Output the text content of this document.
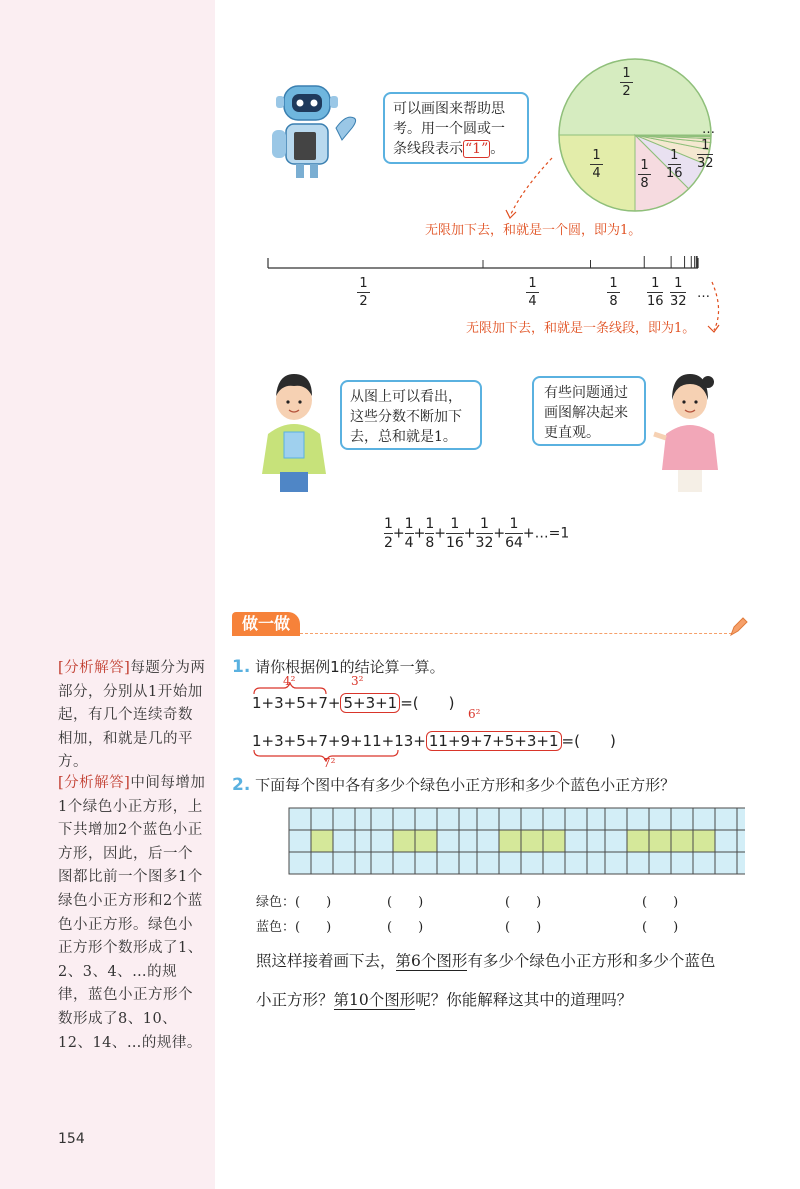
[分析解答]每题分为两部分，分别从1开始加起，有几个连续奇数相加，和就是几的平方。
[分析解答]中间每增加1个绿色小正方形，上下共增加2个蓝色小正方形，因此，后一个图都比前一个图多1个绿色小正方形和2个蓝色小正方形。绿色小正方形个数形成了1、2、3、4、…的规律，蓝色小正方形个数形成了8、10、12、14、…的规律。
154
可以画图来帮助思
考。用一个圆或一
条线段表示 “1” 。
1
2
1
4
1
8
1
16
1
32
…
无限加下去，和就是一个圆，即为1。
1
2
1
4
1
8
1
16
1
32
…
无限加下去，和就是一条线段，即为1。
从图上可以看出，
这些分数不断加下
去，总和就是1。
有些问题通过
画图解决起来
更直观。
$\frac{1}{2} + \frac{1}{4} + \frac{1}{8} + \frac{1}{16} + \frac{1}{32} + \frac{1}{64}$ +…=1
做一做
1. 请你根据例1的结论算一算。
4²	3²
1+3+5+7+ 5+3+1 =(　　)
6²
1+3+5+7+9+11+13+ 11+9+7+5+3+1 =(　　)
7²
2. 下面每个图中各有多少个绿色小正方形和多少个蓝色小正方形？
绿色：(　　)
蓝色：(　　)
(　　)
(　　)
(　　)
(　　)
(　　)
(　　)
照这样接着画下去，第6个图形有多少个绿色小正方形和多少个蓝色
小正方形？第10个图形呢？你能解释这其中的道理吗？
